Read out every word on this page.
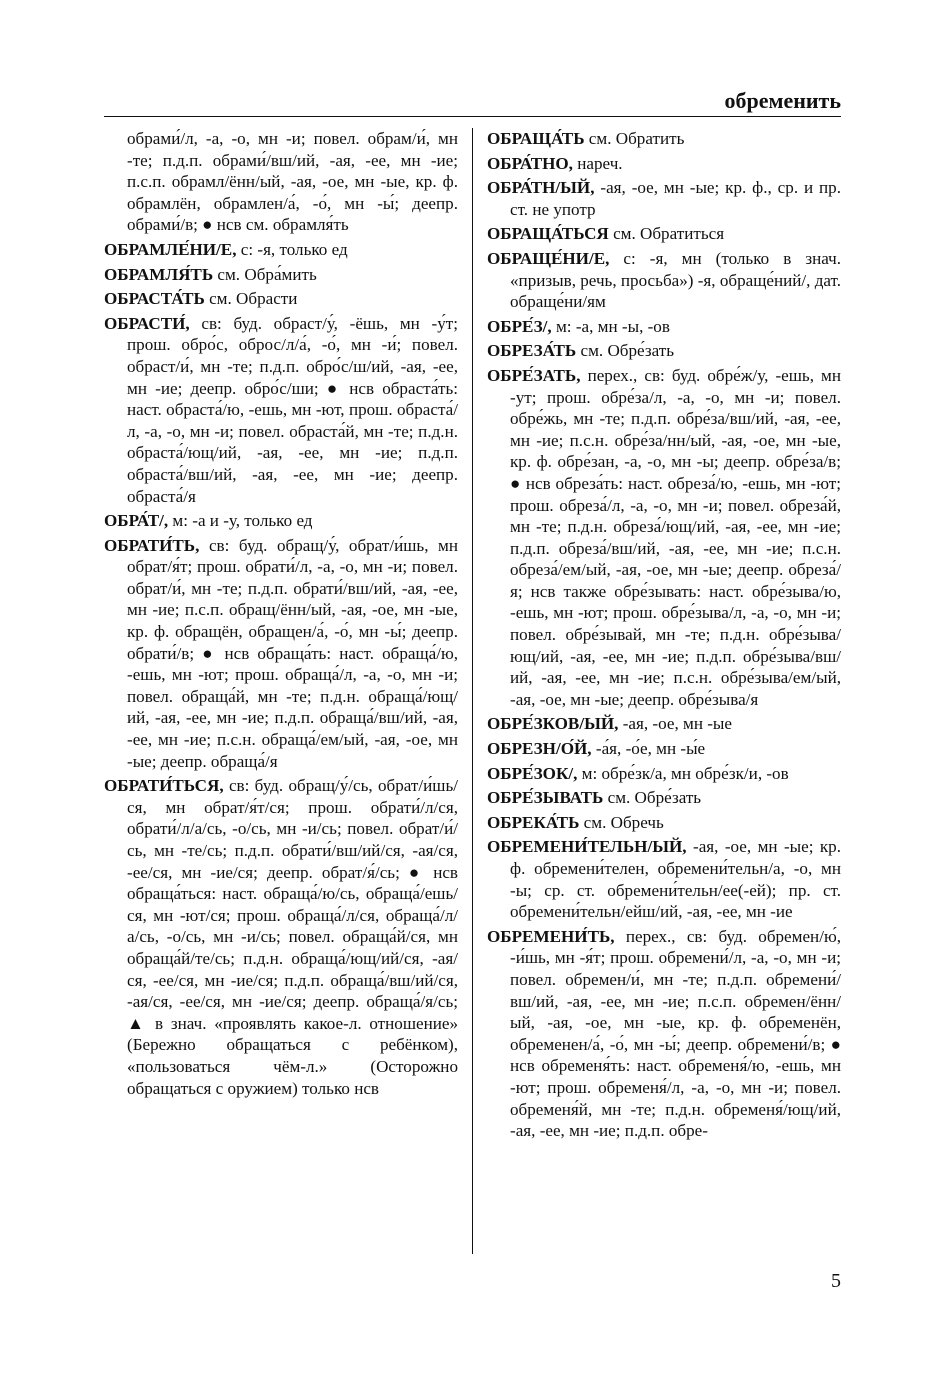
обременить

обрами́/л, -а, -о, мн -и; повел. обрам/и́, мн -те; п.д.п. обрами́/вш/ий, -ая, -ее, мн -ие; п.с.п. обрамл/ённ/ый, -ая, -ое, мн -ые, кр. ф. обрамлён, обрамлен/а́, -о́, мн -ы́; деепр. обрами́/в; ● нсв см. обрамля́ть

ОБРАМЛЕ́НИ/Е, с: -я, только ед

ОБРАМЛЯ́ТЬ см. Обра́мить

ОБРАСТА́ТЬ см. Обрасти

ОБРАСТИ́, св: буд. обраст/у́, -ёшь, мн -у́т; прош. обро́с, оброс/л/а́, -о́, мн -и́; повел. обраст/и́, мн -те; п.д.п. обро́с/ш/ий, -ая, -ее, мн -ие; деепр. обро́с/ши; ● нсв обраста́ть: наст. обраста́/ю, -ешь, мн -ют, прош. обраста́/л, -а, -о, мн -и; повел. обраста́й, мн -те; п.д.н. обраста́/ющ/ий, -ая, -ее, мн -ие; п.д.п. обраста́/вш/ий, -ая, -ее, мн -ие; деепр. обраста́/я

ОБРА́Т/, м: -а и -у, только ед

ОБРАТИ́ТЬ, св: буд. обращ/у́, обрат/и́шь, мн обрат/я́т; прош. обрати́/л, -а, -о, мн -и; повел. обрат/и́, мн -те; п.д.п. обрати́/вш/ий, -ая, -ее, мн -ие; п.с.п. обращ/ённ/ый, -ая, -ое, мн -ые, кр. ф. обращён, обращен/а́, -о́, мн -ы́; деепр. обрати́/в; ● нсв обраща́ть: наст. обраща́/ю, -ешь, мн -ют; прош. обраща́/л, -а, -о, мн -и; повел. обраща́й, мн -те; п.д.н. обраща́/ющ/ий, -ая, -ее, мн -ие; п.д.п. обраща́/вш/ий, -ая, -ее, мн -ие; п.с.н. обраща́/ем/ый, -ая, -ое, мн -ые; деепр. обраща́/я

ОБРАТИ́ТЬСЯ, св: буд. обращ/у́/сь, обрат/и́шь/ся, мн обрат/я́т/ся; прош. обрати́/л/ся, обрати́/л/а/сь, -о/сь, мн -и/сь; повел. обрат/и́/сь, мн -те/сь; п.д.п. обрати́/вш/ий/ся, -ая/ся, -ее/ся, мн -ие/ся; деепр. обрат/я́/сь; ● нсв обраща́ться: наст. обраща́/ю/сь, обраща́/ешь/ся, мн -ют/ся; прош. обраща́/л/ся, обраща́/л/а/сь, -о/сь, мн -и/сь; повел. обраща́й/ся, мн обраща́й/те/сь; п.д.н. обраща́/ющ/ий/ся, -ая/ся, -ее/ся, мн -ие/ся; п.д.п. обраща́/вш/ий/ся, -ая/ся, -ее/ся, мн -ие/ся; деепр. обраща́/я/сь; ▲ в знач. «проявлять какое-л. отношение» (Бережно обращаться с ребёнком), «пользоваться чём-л.» (Осторожно обращаться с оружием) только нсв

ОБРАЩА́ТЬ см. Обратить

ОБРА́ТНО, нареч.

ОБРА́ТН/ЫЙ, -ая, -ое, мн -ые; кр. ф., ср. и пр. ст. не употр

ОБРАЩА́ТЬСЯ см. Обратиться

ОБРАЩЕ́НИ/Е, с: -я, мн (только в знач. «призыв, речь, просьба») -я, обраще́ний/, дат. обраще́ни/ям

ОБРЕ́З/, м: -а, мн -ы, -ов

ОБРЕЗА́ТЬ см. Обре́зать

ОБРЕ́ЗАТЬ, перех., св: буд. обре́ж/у, -ешь, мн -ут; прош. обре́за/л, -а, -о, мн -и; повел. обре́жь, мн -те; п.д.п. обре́за/вш/ий, -ая, -ее, мн -ие; п.с.н. обре́за/нн/ый, -ая, -ое, мн -ые, кр. ф. обре́зан, -а, -о, мн -ы; деепр. обре́за/в; ● нсв обреза́ть: наст. обреза́/ю, -ешь, мн -ют; прош. обреза́/л, -а, -о, мн -и; повел. обреза́й, мн -те; п.д.н. обреза́/ющ/ий, -ая, -ее, мн -ие; п.д.п. обреза́/вш/ий, -ая, -ее, мн -ие; п.с.н. обреза́/ем/ый, -ая, -ое, мн -ые; деепр. обреза́/я; нсв также обре́зывать: наст. обре́зыва/ю, -ешь, мн -ют; прош. обре́зыва/л, -а, -о, мн -и; повел. обре́зывай, мн -те; п.д.н. обре́зыва/ющ/ий, -ая, -ее, мн -ие; п.д.п. обре́зыва/вш/ий, -ая, -ее, мн -ие; п.с.н. обре́зыва/ем/ый, -ая, -ое, мн -ые; деепр. обре́зыва/я

ОБРЕ́ЗКОВ/ЫЙ, -ая, -ое, мн -ые

ОБРЕЗН/О́Й, -а́я, -о́е, мн -ы́е

ОБРЕ́ЗОК/, м: обре́зк/а, мн обре́зк/и, -ов

ОБРЕ́ЗЫВАТЬ см. Обре́зать

ОБРЕКА́ТЬ см. Обречь

ОБРЕМЕНИ́ТЕЛЬН/ЫЙ, -ая, -ое, мн -ые; кр. ф. обремени́телен, обремени́тельн/а, -о, мн -ы; ср. ст. обремени́тельн/ее(-ей); пр. ст. обремени́тельн/ейш/ий, -ая, -ее, мн -ие

ОБРЕМЕНИ́ТЬ, перех., св: буд. обремен/ю́, -и́шь, мн -я́т; прош. обремени́/л, -а, -о, мн -и; повел. обремен/и́, мн -те; п.д.п. обремени́/вш/ий, -ая, -ее, мн -ие; п.с.п. обремен/ённ/ый, -ая, -ое, мн -ые, кр. ф. обременён, обременен/а́, -о́, мн -ы́; деепр. обремени́/в; ● нсв обременя́ть: наст. обременя́/ю, -ешь, мн -ют; прош. обременя́/л, -а, -о, мн -и; повел. обременя́й, мн -те; п.д.н. обременя́/ющ/ий, -ая, -ее, мн -ие; п.д.п. обре-

5
